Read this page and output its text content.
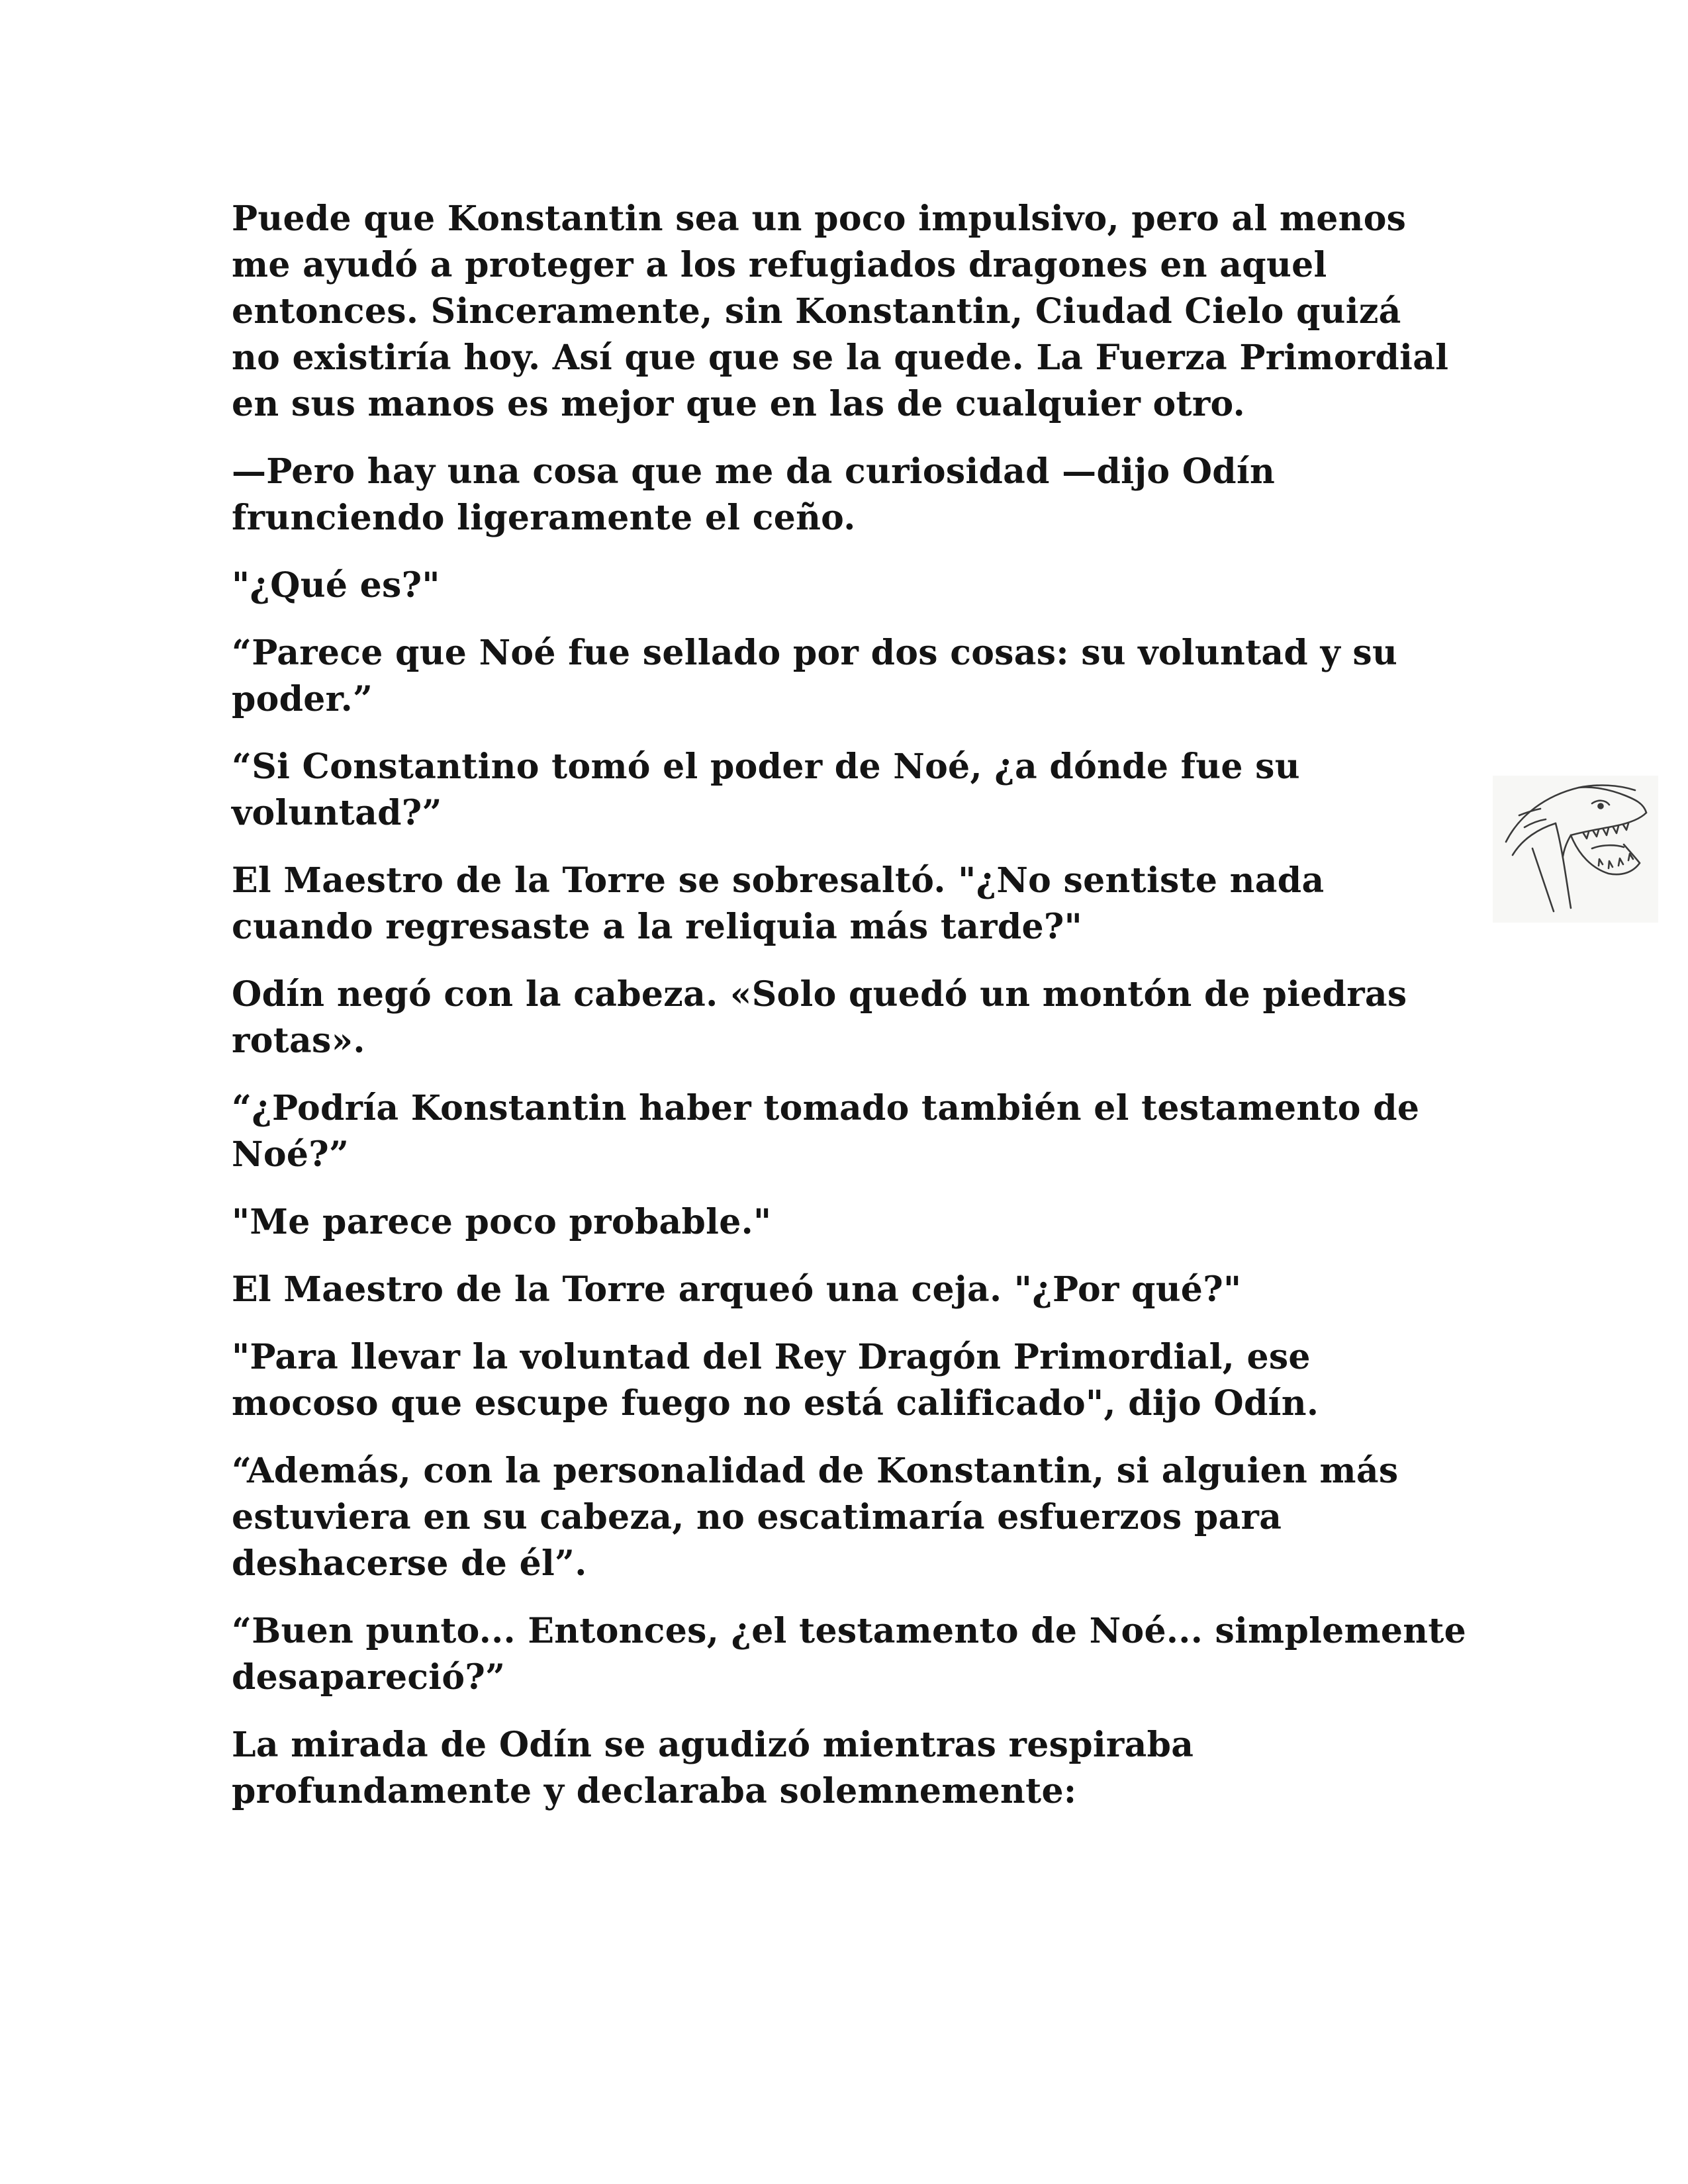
Puede que Konstantin sea un poco impulsivo, pero al menos
me ayudó a proteger a los refugiados dragones en aquel
entonces. Sinceramente, sin Konstantin, Ciudad Cielo quizá
no existiría hoy. Así que que se la quede. La Fuerza Primordial
en sus manos es mejor que en las de cualquier otro.

—Pero hay una cosa que me da curiosidad —dijo Odín
frunciendo ligeramente el ceño.

"¿Qué es?"

“Parece que Noé fue sellado por dos cosas: su voluntad y su
poder.”

“Si Constantino tomó el poder de Noé, ¿a dónde fue su
voluntad?”

El Maestro de la Torre se sobresaltó. "¿No sentiste nada
cuando regresaste a la reliquia más tarde?"

Odín negó con la cabeza. «Solo quedó un montón de piedras
rotas».

“¿Podría Konstantin haber tomado también el testamento de
Noé?”

"Me parece poco probable."

El Maestro de la Torre arqueó una ceja. "¿Por qué?"

"Para llevar la voluntad del Rey Dragón Primordial, ese
mocoso que escupe fuego no está calificado", dijo Odín.

“Además, con la personalidad de Konstantin, si alguien más
estuviera en su cabeza, no escatimaría esfuerzos para
deshacerse de él”.

“Buen punto... Entonces, ¿el testamento de Noé... simplemente
desapareció?”

La mirada de Odín se agudizó mientras respiraba
profundamente y declaraba solemnemente:
